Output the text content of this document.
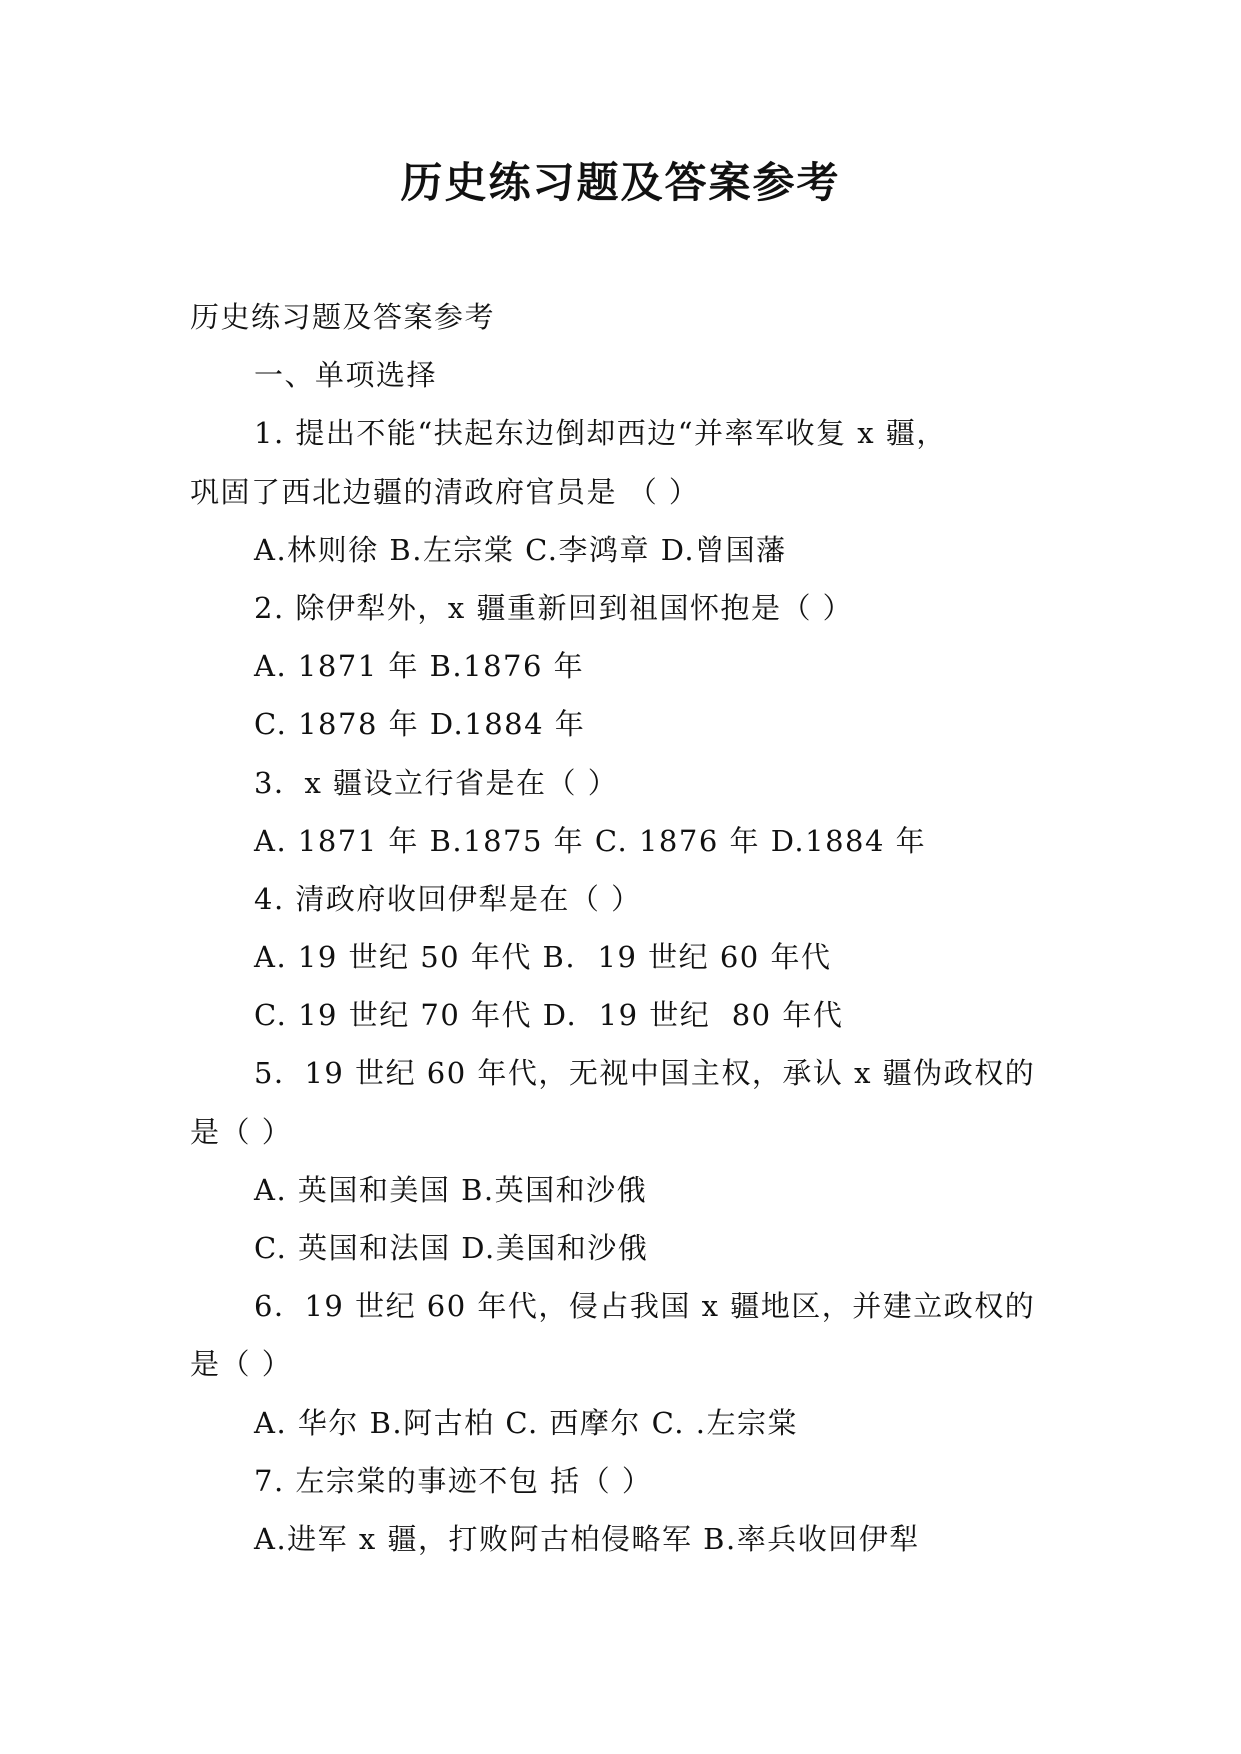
历史练习题及答案参考
历史练习题及答案参考
一、单项选择
1. 提出不能“扶起东边倒却西边“并率军收复 x 疆，
巩固了西北边疆的清政府官员是 （ ）
A.林则徐 B.左宗棠 C.李鸿章 D.曾国藩
2. 除伊犁外，x 疆重新回到祖国怀抱是（ ）
A. 1871 年 B.1876 年
C. 1878 年 D.1884 年
3．x 疆设立行省是在（ ）
A. 1871 年 B.1875 年 C. 1876 年 D.1884 年
4. 清政府收回伊犁是在（ ）
A. 19 世纪 50 年代 B.  19 世纪 60 年代
C. 19 世纪 70 年代 D.  19 世纪  80 年代
5．19 世纪 60 年代，无视中国主权，承认 x 疆伪政权的
是（ ）
A. 英国和美国 B.英国和沙俄
C. 英国和法国 D.美国和沙俄
6．19 世纪 60 年代，侵占我国 x 疆地区，并建立政权的
是（ ）
A. 华尔 B.阿古柏 C. 西摩尔 C. .左宗棠
7. 左宗棠的事迹不包 括（ ）
A.进军 x 疆，打败阿古柏侵略军 B.率兵收回伊犁
